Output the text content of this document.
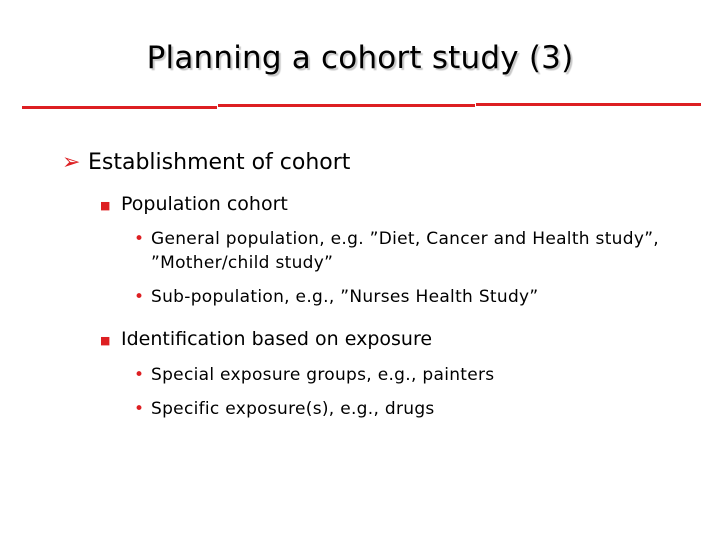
Planning a cohort study (3)
➢ Establishment of cohort
■ Population cohort
• General population, e.g. ”Diet, Cancer and Health study”, ”Mother/child study”
• Sub-population, e.g., ”Nurses Health Study”
■ Identification based on exposure
• Special exposure groups, e.g., painters
• Specific exposure(s), e.g., drugs
